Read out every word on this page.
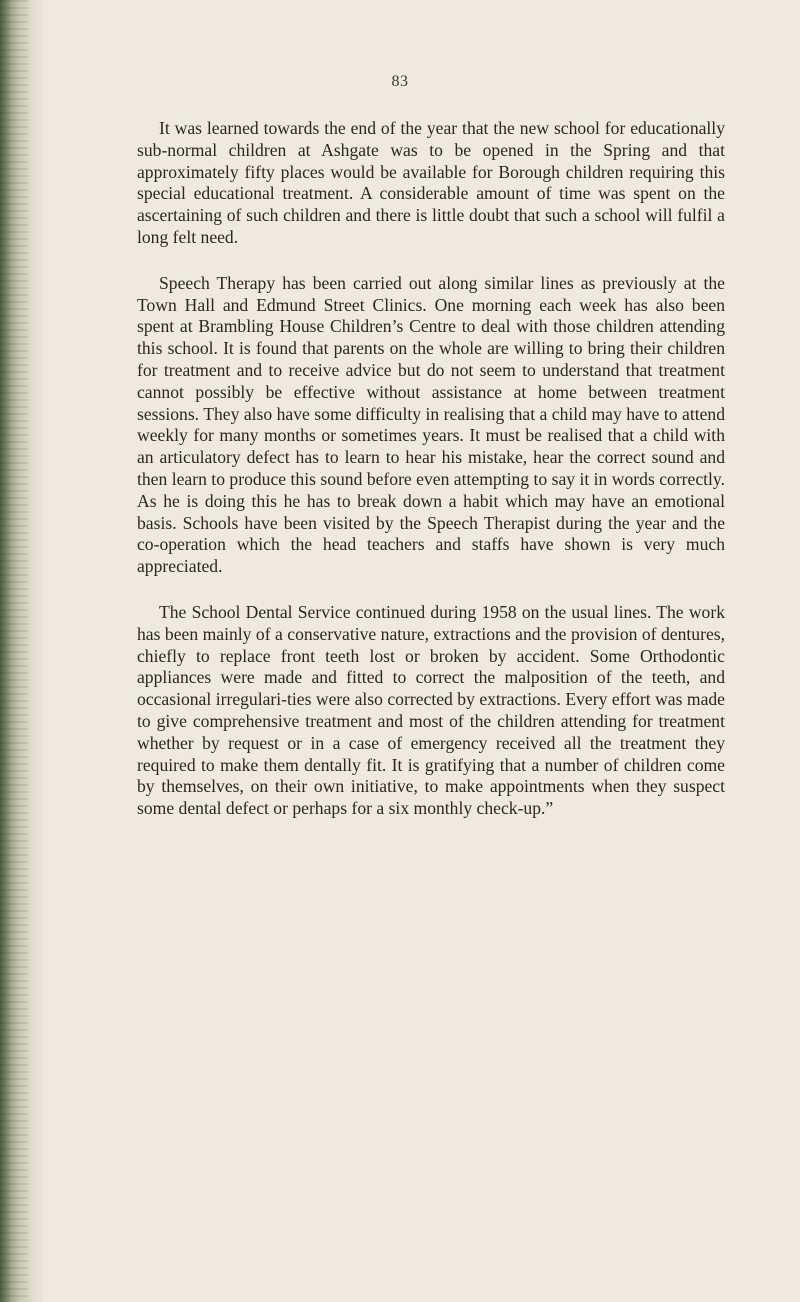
83

It was learned towards the end of the year that the new school for educationally sub-normal children at Ashgate was to be opened in the Spring and that approximately fifty places would be available for Borough children requiring this special educational treatment. A considerable amount of time was spent on the ascertaining of such children and there is little doubt that such a school will fulfil a long felt need.

Speech Therapy has been carried out along similar lines as previously at the Town Hall and Edmund Street Clinics. One morning each week has also been spent at Brambling House Children’s Centre to deal with those children attending this school. It is found that parents on the whole are willing to bring their children for treatment and to receive advice but do not seem to understand that treatment cannot possibly be effective without assistance at home between treatment sessions. They also have some difficulty in realising that a child may have to attend weekly for many months or sometimes years. It must be realised that a child with an articulatory defect has to learn to hear his mistake, hear the correct sound and then learn to produce this sound before even attempting to say it in words correctly. As he is doing this he has to break down a habit which may have an emotional basis. Schools have been visited by the Speech Therapist during the year and the co-operation which the head teachers and staffs have shown is very much appreciated.

The School Dental Service continued during 1958 on the usual lines. The work has been mainly of a conservative nature, extractions and the provision of dentures, chiefly to replace front teeth lost or broken by accident. Some Orthodontic appliances were made and fitted to correct the malposition of the teeth, and occasional irregulari-ties were also corrected by extractions. Every effort was made to give comprehensive treatment and most of the children attending for treatment whether by request or in a case of emergency received all the treatment they required to make them dentally fit. It is gratifying that a number of children come by themselves, on their own initiative, to make appointments when they suspect some dental defect or perhaps for a six monthly check-up.”
